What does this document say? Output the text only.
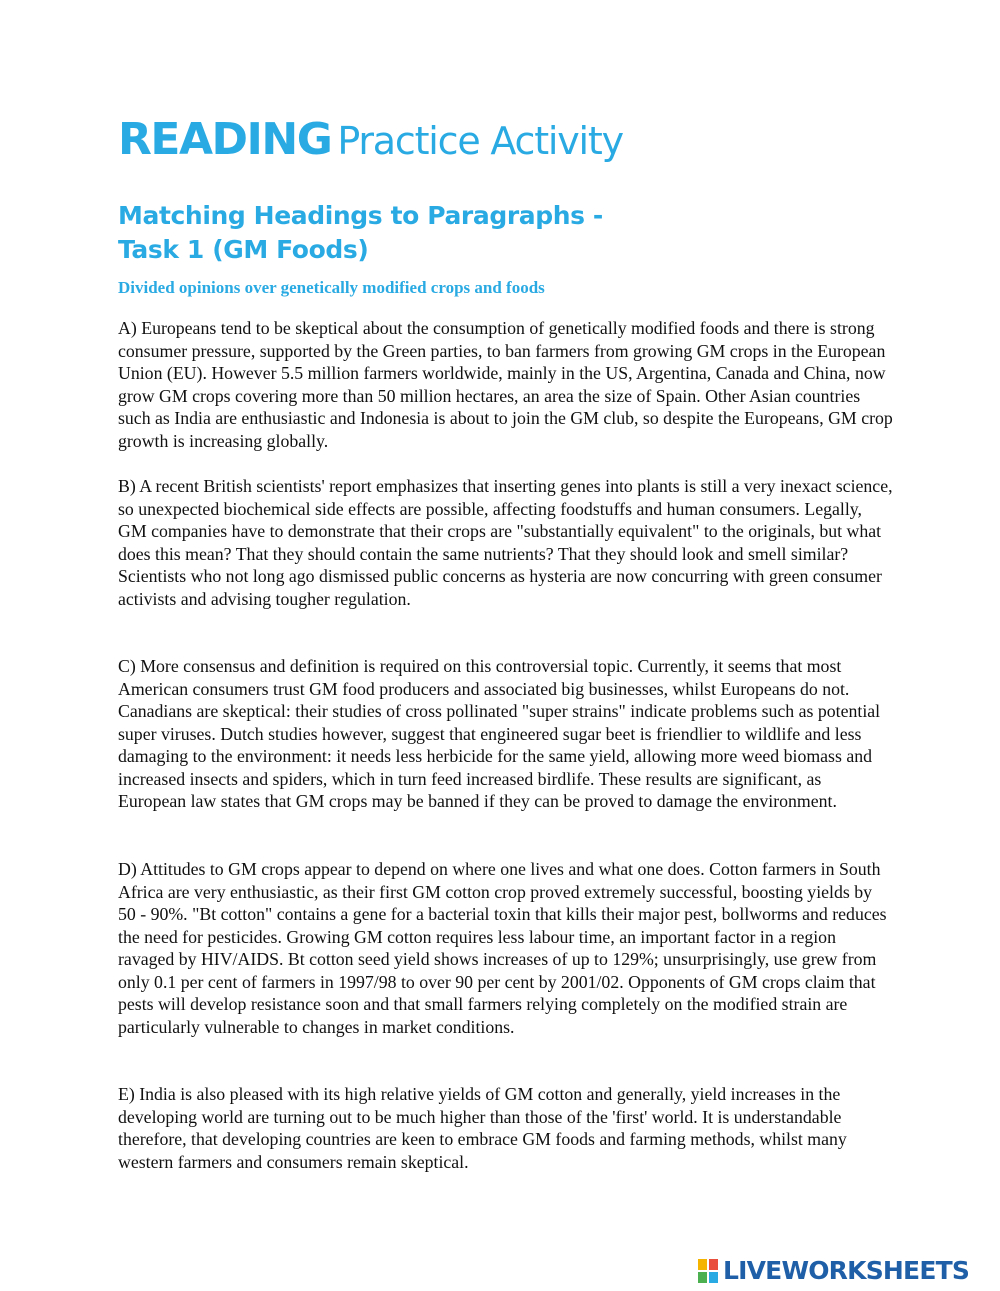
READING Practice Activity
Matching Headings to Paragraphs -
Task 1 (GM Foods)
Divided opinions over genetically modified crops and foods

A) Europeans tend to be skeptical about the consumption of genetically modified foods and there is strong consumer pressure, supported by the Green parties, to ban farmers from growing GM crops in the European Union (EU). However 5.5 million farmers worldwide, mainly in the US, Argentina, Canada and China, now grow GM crops covering more than 50 million hectares, an area the size of Spain. Other Asian countries such as India are enthusiastic and Indonesia is about to join the GM club, so despite the Europeans, GM crop growth is increasing globally.

B) A recent British scientists' report emphasizes that inserting genes into plants is still a very inexact science, so unexpected biochemical side effects are possible, affecting foodstuffs and human consumers. Legally, GM companies have to demonstrate that their crops are "substantially equivalent" to the originals, but what does this mean? That they should contain the same nutrients? That they should look and smell similar? Scientists who not long ago dismissed public concerns as hysteria are now concurring with green consumer activists and advising tougher regulation.

C) More consensus and definition is required on this controversial topic. Currently, it seems that most American consumers trust GM food producers and associated big businesses, whilst Europeans do not. Canadians are skeptical: their studies of cross pollinated "super strains" indicate problems such as potential super viruses. Dutch studies however, suggest that engineered sugar beet is friendlier to wildlife and less damaging to the environment: it needs less herbicide for the same yield, allowing more weed biomass and increased insects and spiders, which in turn feed increased birdlife. These results are significant, as European law states that GM crops may be banned if they can be proved to damage the environment.

D) Attitudes to GM crops appear to depend on where one lives and what one does. Cotton farmers in South Africa are very enthusiastic, as their first GM cotton crop proved extremely successful, boosting yields by 50 - 90%. "Bt cotton" contains a gene for a bacterial toxin that kills their major pest, bollworms and reduces the need for pesticides. Growing GM cotton requires less labour time, an important factor in a region ravaged by HIV/AIDS. Bt cotton seed yield shows increases of up to 129%; unsurprisingly, use grew from only 0.1 per cent of farmers in 1997/98 to over 90 per cent by 2001/02. Opponents of GM crops claim that pests will develop resistance soon and that small farmers relying completely on the modified strain are particularly vulnerable to changes in market conditions.

E) India is also pleased with its high relative yields of GM cotton and generally, yield increases in the developing world are turning out to be much higher than those of the 'first' world. It is understandable therefore, that developing countries are keen to embrace GM foods and farming methods, whilst many western farmers and consumers remain skeptical.

LIVEWORKSHEETS
